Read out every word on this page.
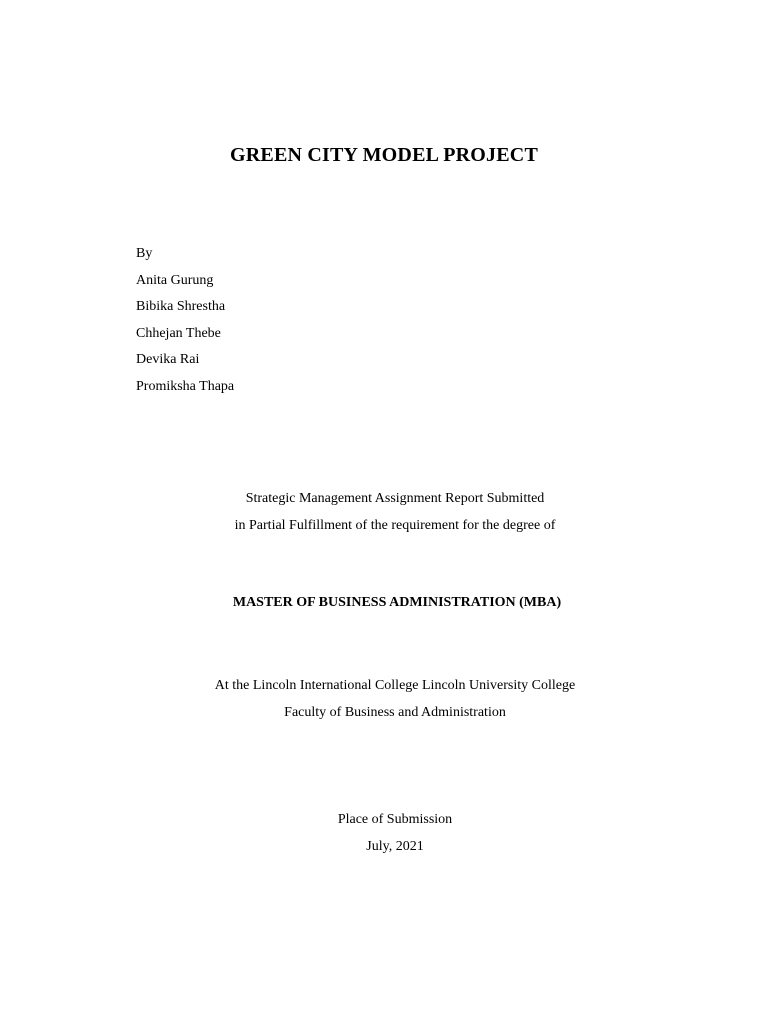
GREEN CITY MODEL PROJECT
By
Anita Gurung
Bibika Shrestha
Chhejan Thebe
Devika Rai
Promiksha Thapa
Strategic Management Assignment Report Submitted
in Partial Fulfillment of the requirement for the degree of
MASTER OF BUSINESS ADMINISTRATION (MBA)
At the Lincoln International College Lincoln University College
Faculty of Business and Administration
Place of Submission
July, 2021
